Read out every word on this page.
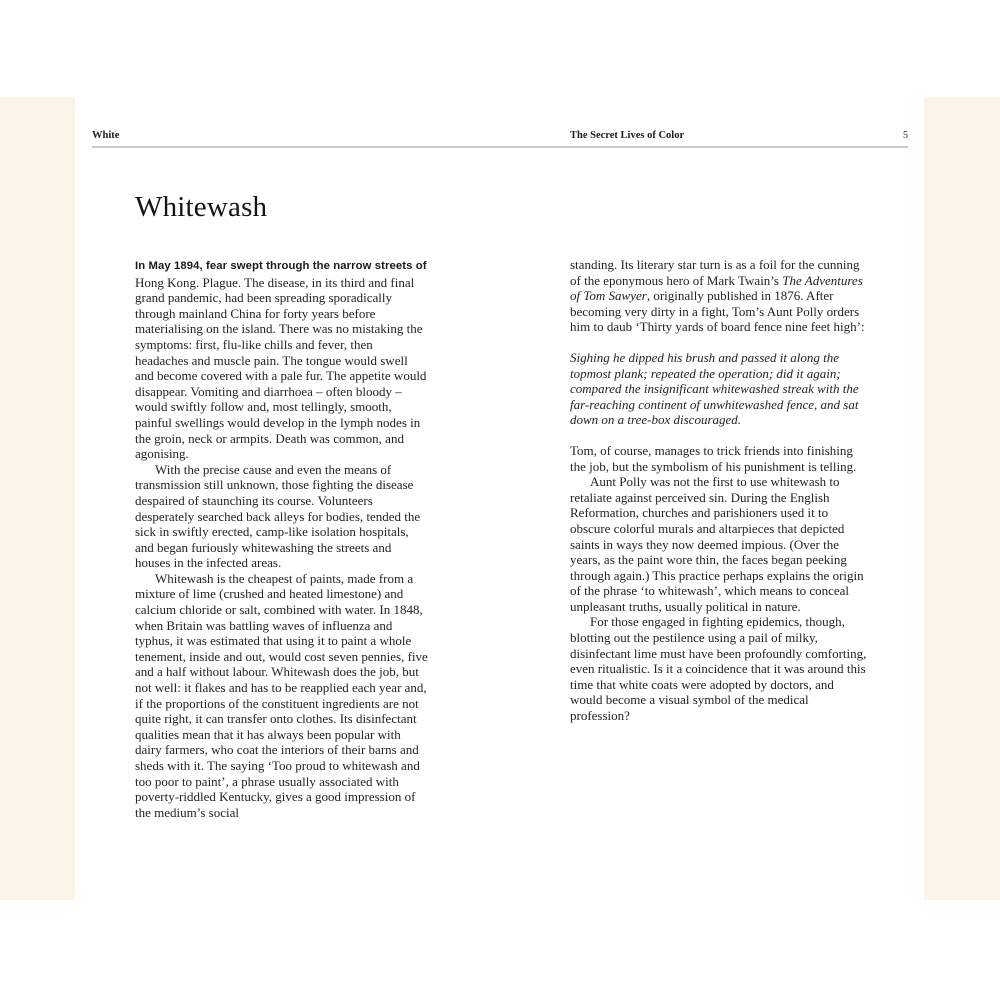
White	The Secret Lives of Color	5
Whitewash

In May 1894, fear swept through the narrow streets of Hong Kong. Plague. The disease, in its third and final grand pandemic, had been spreading sporadically through mainland China for forty years before materialising on the island. There was no mistaking the symptoms: first, flu-like chills and fever, then headaches and muscle pain. The tongue would swell and become covered with a pale fur. The appetite would disappear. Vomiting and diarrhoea – often bloody – would swiftly follow and, most tellingly, smooth, painful swellings would develop in the lymph nodes in the groin, neck or armpits. Death was common, and agonising.

With the precise cause and even the means of transmission still unknown, those fighting the disease despaired of staunching its course. Volunteers desperately searched back alleys for bodies, tended the sick in swiftly erected, camp-like isolation hospitals, and began furiously whitewashing the streets and houses in the infected areas.

Whitewash is the cheapest of paints, made from a mixture of lime (crushed and heated limestone) and calcium chloride or salt, combined with water. In 1848, when Britain was battling waves of influenza and typhus, it was estimated that using it to paint a whole tenement, inside and out, would cost seven pennies, five and a half without labour. Whitewash does the job, but not well: it flakes and has to be reapplied each year and, if the proportions of the constituent ingredients are not quite right, it can transfer onto clothes. Its disinfectant qualities mean that it has always been popular with dairy farmers, who coat the interiors of their barns and sheds with it. The saying ‘Too proud to whitewash and too poor to paint’, a phrase usually associated with poverty-riddled Kentucky, gives a good impression of the medium’s social

standing. Its literary star turn is as a foil for the cunning of the eponymous hero of Mark Twain’s The Adventures of Tom Sawyer, originally published in 1876. After becoming very dirty in a fight, Tom’s Aunt Polly orders him to daub ‘Thirty yards of board fence nine feet high’:

Sighing he dipped his brush and passed it along the topmost plank; repeated the operation; did it again; compared the insignificant whitewashed streak with the far-reaching continent of unwhitewashed fence, and sat down on a tree-box discouraged.

Tom, of course, manages to trick friends into finishing the job, but the symbolism of his punishment is telling.

Aunt Polly was not the first to use whitewash to retaliate against perceived sin. During the English Reformation, churches and parishioners used it to obscure colorful murals and altarpieces that depicted saints in ways they now deemed impious. (Over the years, as the paint wore thin, the faces began peeking through again.) This practice perhaps explains the origin of the phrase ‘to whitewash’, which means to conceal unpleasant truths, usually political in nature.

For those engaged in fighting epidemics, though, blotting out the pestilence using a pail of milky, disinfectant lime must have been profoundly comforting, even ritualistic. Is it a coincidence that it was around this time that white coats were adopted by doctors, and would become a visual symbol of the medical profession?
